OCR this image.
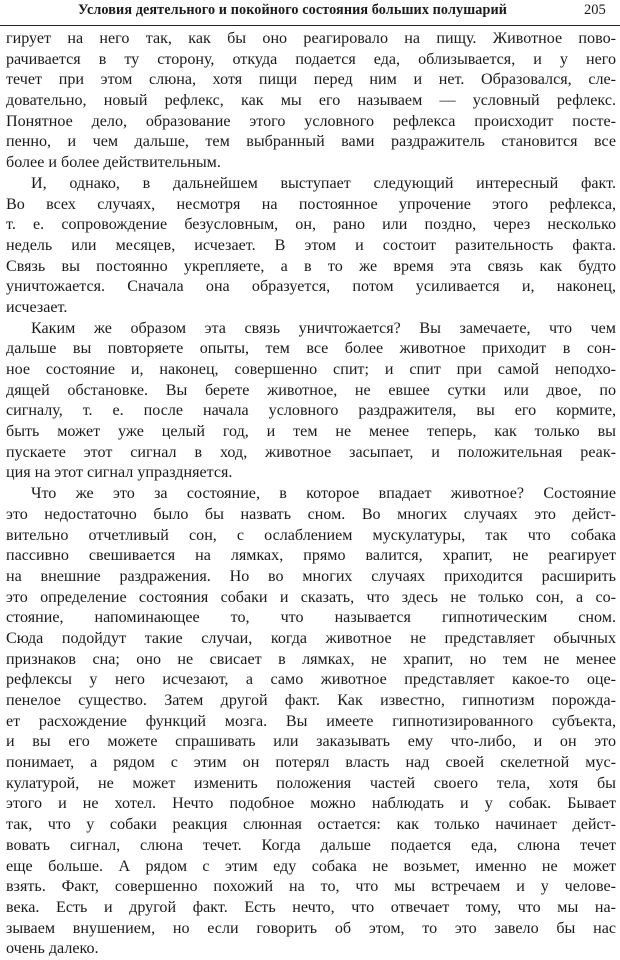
Условия деятельного и покойного состояния больших полушарий	205
гирует на него так, как бы оно реагировало на пищу. Животное пово-
рачивается в ту сторону, откуда подается еда, облизывается, и у него
течет при этом слюна, хотя пищи перед ним и нет. Образовался, сле-
довательно, новый рефлекс, как мы его называем — условный рефлекс.
Понятное дело, образование этого условного рефлекса происходит посте-
пенно, и чем дальше, тем выбранный вами раздражитель становится все
более и более действительным.
И, однако, в дальнейшем выступает следующий интересный факт.
Во всех случаях, несмотря на постоянное упрочение этого рефлекса,
т. е. сопровождение безусловным, он, рано или поздно, через несколько
недель или месяцев, исчезает. В этом и состоит разительность факта.
Связь вы постоянно укрепляете, а в то же время эта связь как будто
уничтожается. Сначала она образуется, потом усиливается и, наконец,
исчезает.
Каким же образом эта связь уничтожается? Вы замечаете, что чем
дальше вы повторяете опыты, тем все более животное приходит в сон-
ное состояние и, наконец, совершенно спит; и спит при самой неподхо-
дящей обстановке. Вы берете животное, не евшее сутки или двое, по
сигналу, т. е. после начала условного раздражителя, вы его кормите,
быть может уже целый год, и тем не менее теперь, как только вы
пускаете этот сигнал в ход, животное засыпает, и положительная реак-
ция на этот сигнал упраздняется.
Что же это за состояние, в которое впадает животное? Состояние
это недостаточно было бы назвать сном. Во многих случаях это дейст-
вительно отчетливый сон, с ослаблением мускулатуры, так что собака
пассивно свешивается на лямках, прямо валится, храпит, не реагирует
на внешние раздражения. Но во многих случаях приходится расширить
это определение состояния собаки и сказать, что здесь не только сон, а со-
стояние, напоминающее то, что называется гипнотическим сном.
Сюда подойдут такие случаи, когда животное не представляет обычных
признаков сна; оно не свисает в лямках, не храпит, но тем не менее
рефлексы у него исчезают, а само животное представляет какое-то оце-
пенелое существо. Затем другой факт. Как известно, гипнотизм порожда-
ет расхождение функций мозга. Вы имеете гипнотизированного субъекта,
и вы его можете спрашивать или заказывать ему что-либо, и он это
понимает, а рядом с этим он потерял власть над своей скелетной мус-
кулатурой, не может изменить положения частей своего тела, хотя бы
этого и не хотел. Нечто подобное можно наблюдать и у собак. Бывает
так, что у собаки реакция слюнная остается: как только начинает дейст-
вовать сигнал, слюна течет. Когда дальше подается еда, слюна течет
еще больше. А рядом с этим еду собака не возьмет, именно не может
взять. Факт, совершенно похожий на то, что мы встречаем и у челове-
века. Есть и другой факт. Есть нечто, что отвечает тому, что мы на-
зываем внушением, но если говорить об этом, то это завело бы нас
очень далеко.
